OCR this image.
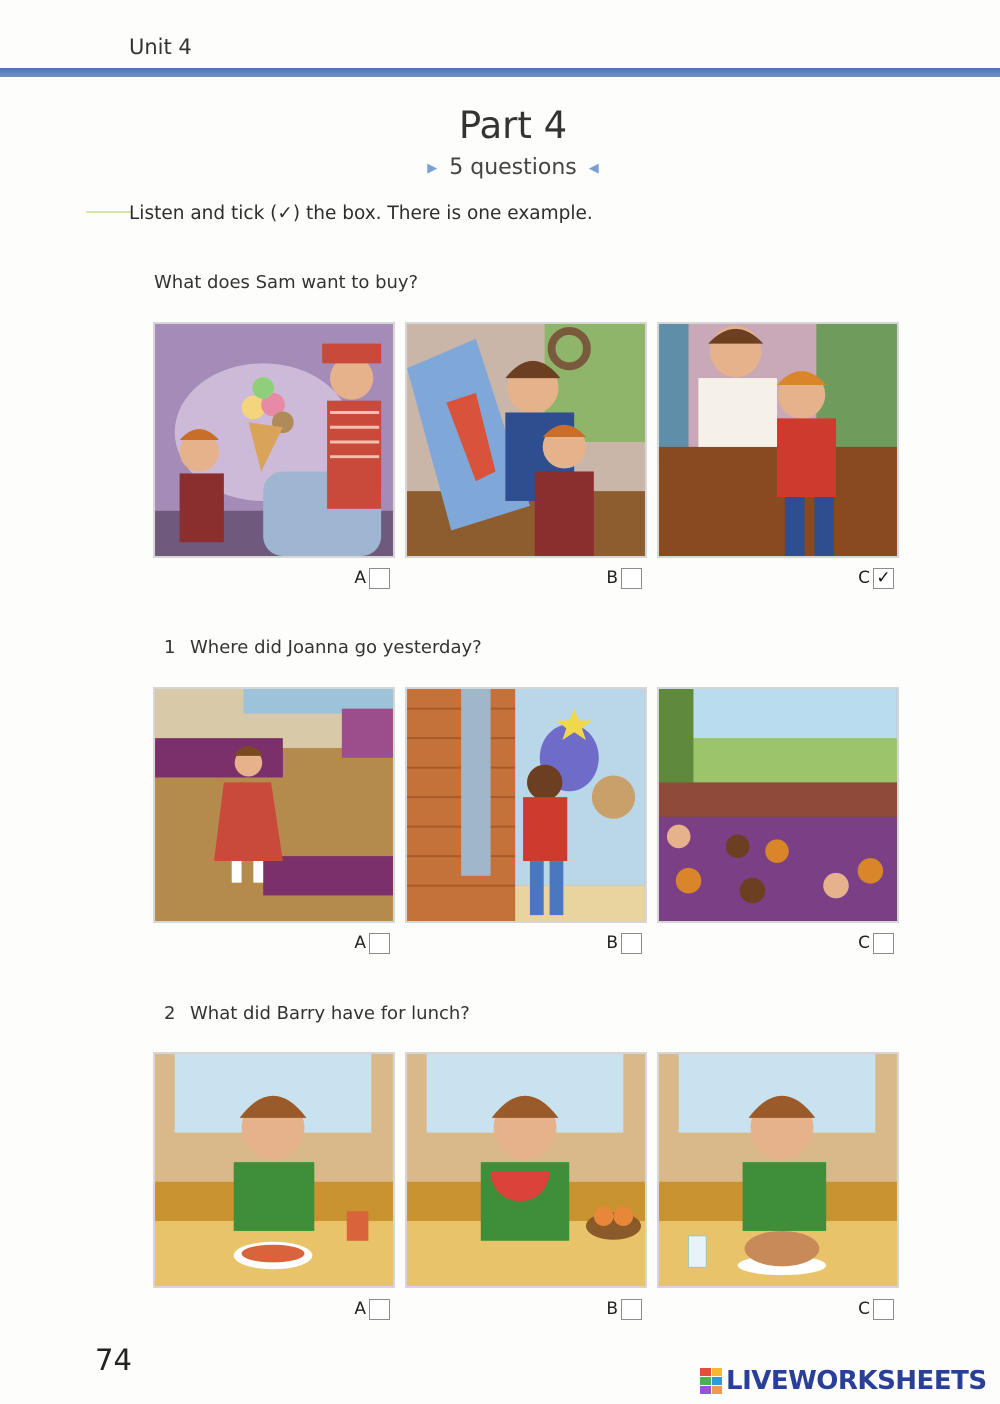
Unit 4
Part 4
▶ 5 questions ◀
Listen and tick (✓) the box. There is one example.
What does Sam want to buy?
A	B	C ✓
1 Where did Joanna go yesterday?
A	B	C
2 What did Barry have for lunch?
A	B	C
74
LIVEWORKSHEETS
